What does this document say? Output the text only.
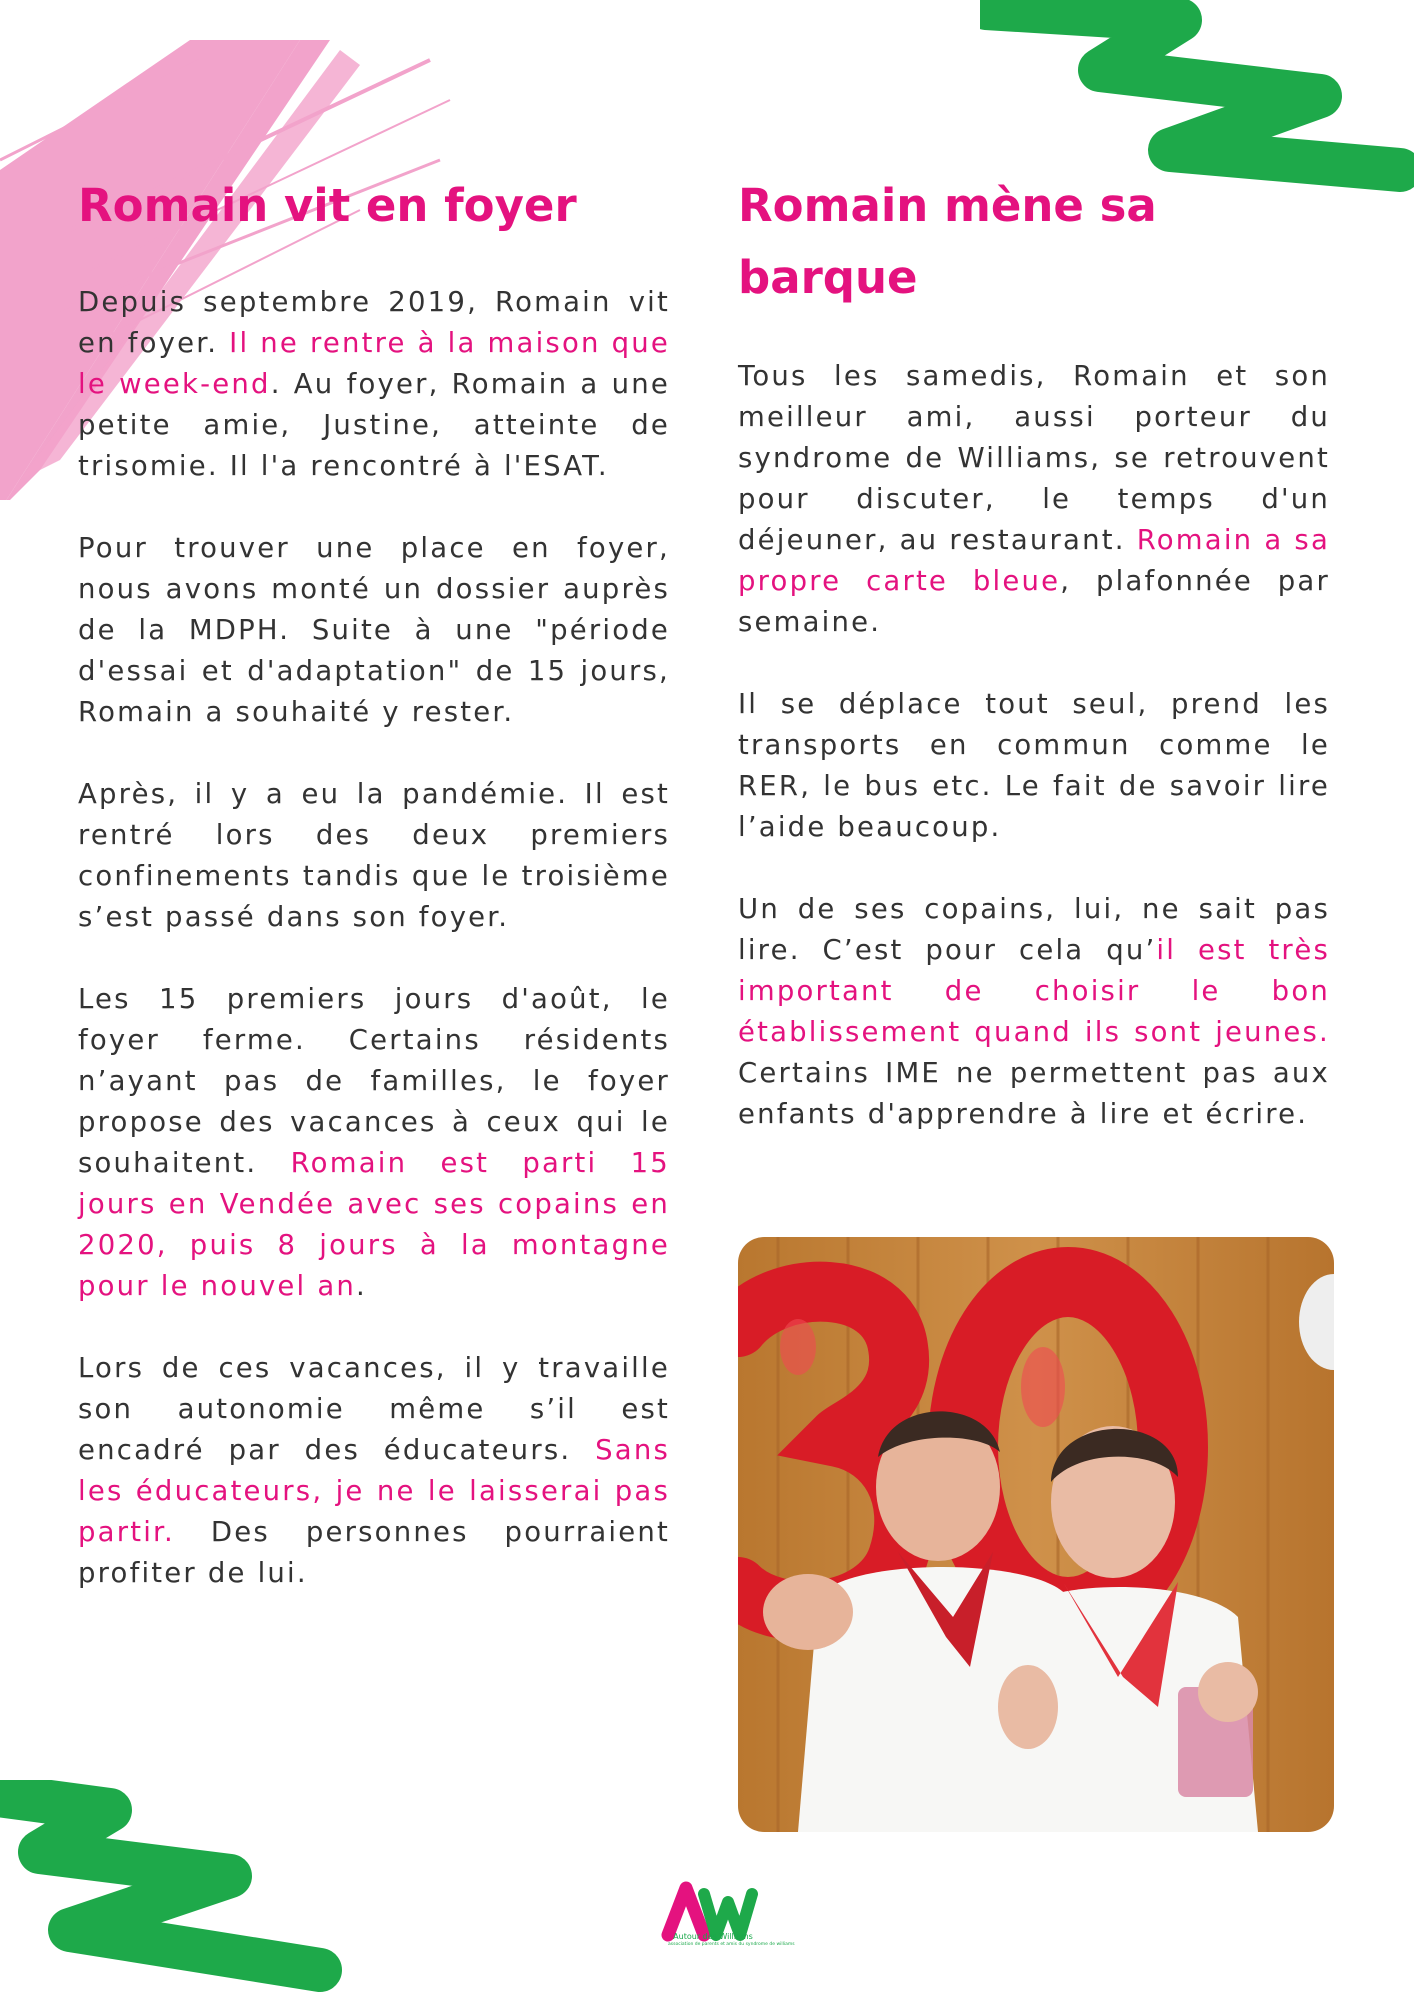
Romain vit en foyer

Depuis septembre 2019, Romain vit en foyer. Il ne rentre à la maison que le week-end. Au foyer, Romain a une petite amie, Justine, atteinte de trisomie. Il l'a rencontré à l'ESAT.

Pour trouver une place en foyer, nous avons monté un dossier auprès de la MDPH. Suite à une "période d'essai et d'adaptation" de 15 jours, Romain a souhaité y rester.

Après, il y a eu la pandémie. Il est rentré lors des deux premiers confinements tandis que le troisième s’est passé dans son foyer.

Les 15 premiers jours d'août, le foyer ferme. Certains résidents n’ayant pas de familles, le foyer propose des vacances à ceux qui le souhaitent. Romain est parti 15 jours en Vendée avec ses copains en 2020, puis 8 jours à la montagne pour le nouvel an.

Lors de ces vacances, il y travaille son autonomie même s’il est encadré par des éducateurs. Sans les éducateurs, je ne le laisserai pas partir. Des personnes pourraient profiter de lui.

Romain mène sa
barque

Tous les samedis, Romain et son meilleur ami, aussi porteur du syndrome de Williams, se retrouvent pour discuter, le temps d'un déjeuner, au restaurant. Romain a sa propre carte bleue, plafonnée par semaine.

Il se déplace tout seul, prend les transports en commun comme le RER, le bus etc. Le fait de savoir lire l’aide beaucoup.

Un de ses copains, lui, ne sait pas lire. C’est pour cela qu’il est très important de choisir le bon établissement quand ils sont jeunes. Certains IME ne permettent pas aux enfants d'apprendre à lire et écrire.

Autour des Williams
association de parents et amis du syndrome de williams
